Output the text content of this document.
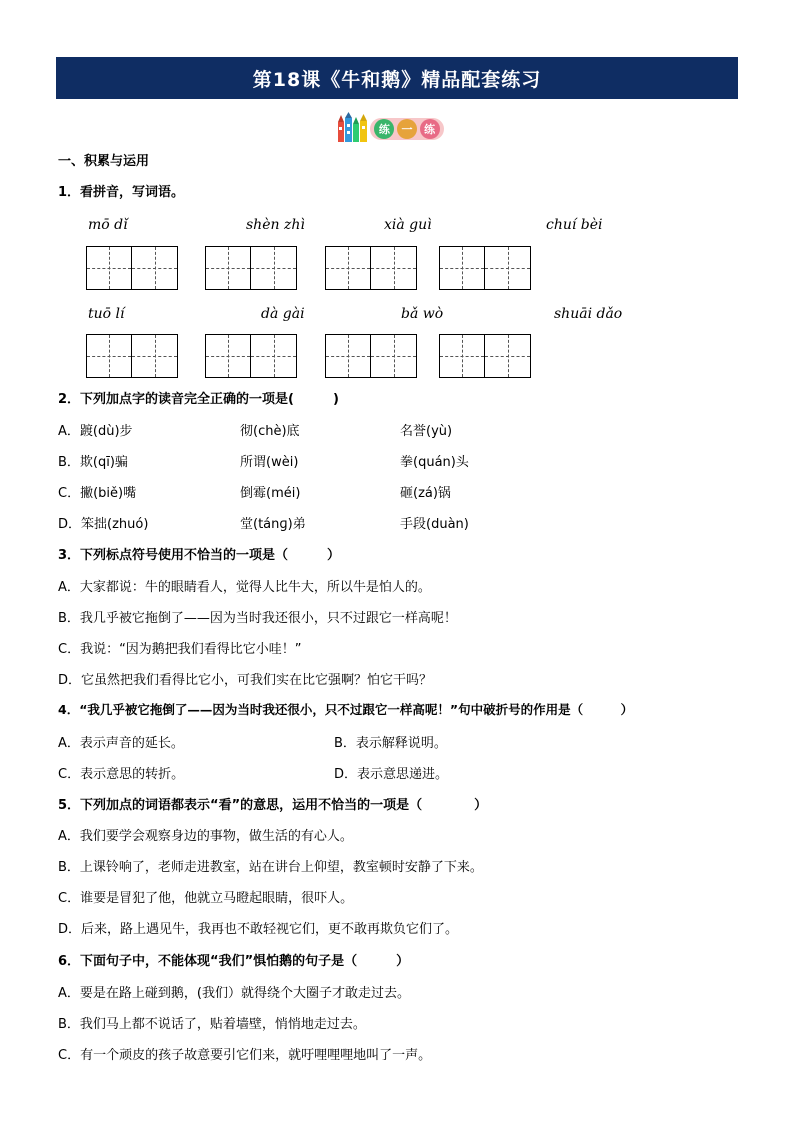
第18课《牛和鹅》精品配套练习
练	一	练
一、积累与运用
1．看拼音，写词语。
mō dǐ	shèn zhì	xià guì	chuí bèi
tuō lí	dà gài	bǎ wò	shuāi dǎo
2．下列加点字的读音完全正确的一项是(　　　)
A．踱(dù)步	彻(chè)底	名誉(yù)
B．欺(qī)骗	所谓(wèi)	拳(quán)头
C．撇(biě)嘴	倒霉(méi)	砸(zá)锅
D．笨拙(zhuó)	堂(tánɡ)弟	手段(duàn)
3．下列标点符号使用不恰当的一项是（　　　）
A．大家都说：牛的眼睛看人，觉得人比牛大，所以牛是怕人的。
B．我几乎被它拖倒了——因为当时我还很小，只不过跟它一样高呢！
C．我说：“因为鹅把我们看得比它小哇！”
D．它虽然把我们看得比它小，可我们实在比它强啊？怕它干吗？
4．“我几乎被它拖倒了——因为当时我还很小，只不过跟它一样高呢！”句中破折号的作用是（　　　）
A．表示声音的延长。	B．表示解释说明。
C．表示意思的转折。	D．表示意思递进。
5．下列加点的词语都表示“看”的意思，运用不恰当的一项是（　　　　）
A．我们要学会观察身边的事物，做生活的有心人。
B．上课铃响了，老师走进教室，站在讲台上仰望，教室顿时安静了下来。
C．谁要是冒犯了他，他就立马瞪起眼睛，很吓人。
D．后来，路上遇见牛，我再也不敢轻视它们，更不敢再欺负它们了。
6．下面句子中，不能体现“我们”惧怕鹅的句子是（　　　）
A．要是在路上碰到鹅，(我们）就得绕个大圈子才敢走过去。
B．我们马上都不说话了，贴着墙壁，悄悄地走过去。
C．有一个顽皮的孩子故意要引它们来，就吁哩哩哩地叫了一声。
